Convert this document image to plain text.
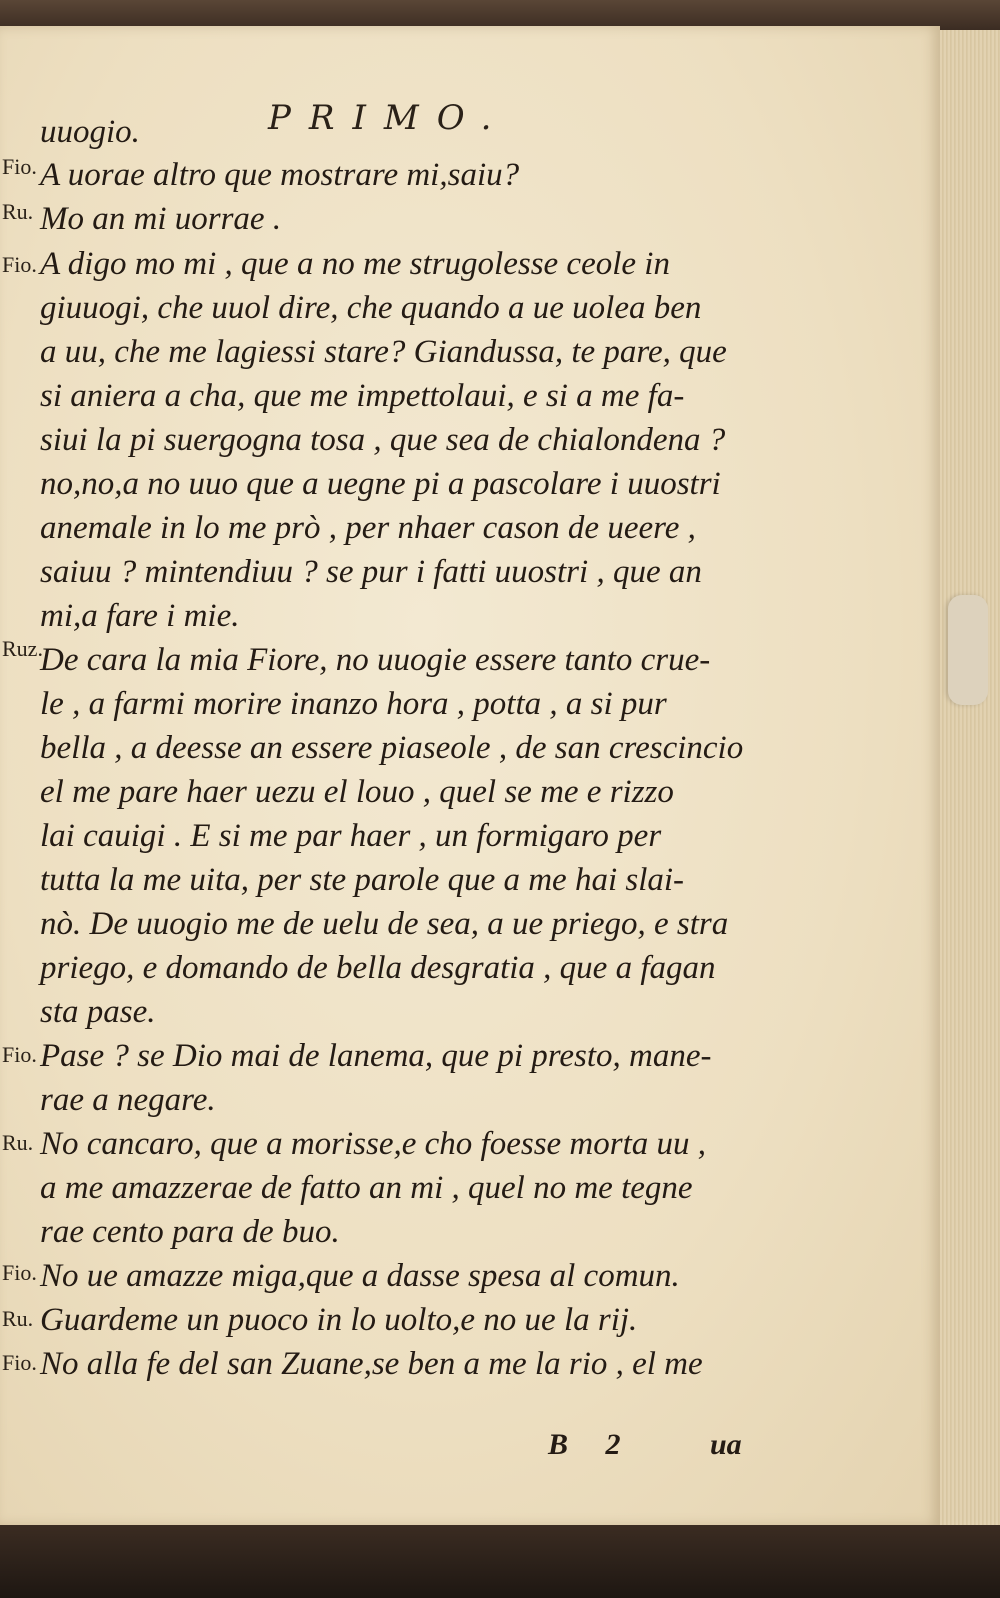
PRIMO.
Fio.
Ru.
Fio.
Ruz.
Fio.
Ru.
Fio.
Ru.
Fio.
uuogio.
A uorae altro que mostrare mi,saiu?
Mo an mi uorrae .
A digo mo mi , que a no me strugolesse ceole in
giuuogi, che uuol dire, che quando a ue uolea ben
a uu, che me lagiessi stare? Giandussa, te pare, que
si aniera a cha, que me impettolaui, e si a me fa-
siui la pi suergogna tosa , que sea de chialondena ?
no,no,a no uuo que a uegne pi a pascolare i uuostri
anemale in lo me prò , per nhaer cason de ueere ,
saiuu ? mintendiuu ? se pur i fatti uuostri , que an
mi,a fare i mie.
De cara la mia Fiore, no uuogie essere tanto crue-
le , a farmi morire inanzo hora , potta , a si pur
bella , a deesse an essere piaseole , de san crescincio
el me pare haer uezu el louo , quel se me e rizzo
lai cauigi . E si me par haer , un formigaro per
tutta la me uita, per ste parole que a me hai slai-
nò. De uuogio me de uelu de sea, a ue priego, e stra
priego, e domando de bella desgratia , que a fagan
sta pase.
Pase ? se Dio mai de lanema, que pi presto, mane-
rae a negare.
No cancaro, que a morisse,e cho foesse morta uu ,
a me amazzerae de fatto an mi , quel no me tegne
rae cento para de buo.
No ue amazze miga,que a dasse spesa al comun.
Guardeme un puoco in lo uolto,e no ue la rij.
No alla fe del san Zuane,se ben a me la rio , el me
B 2	ua
